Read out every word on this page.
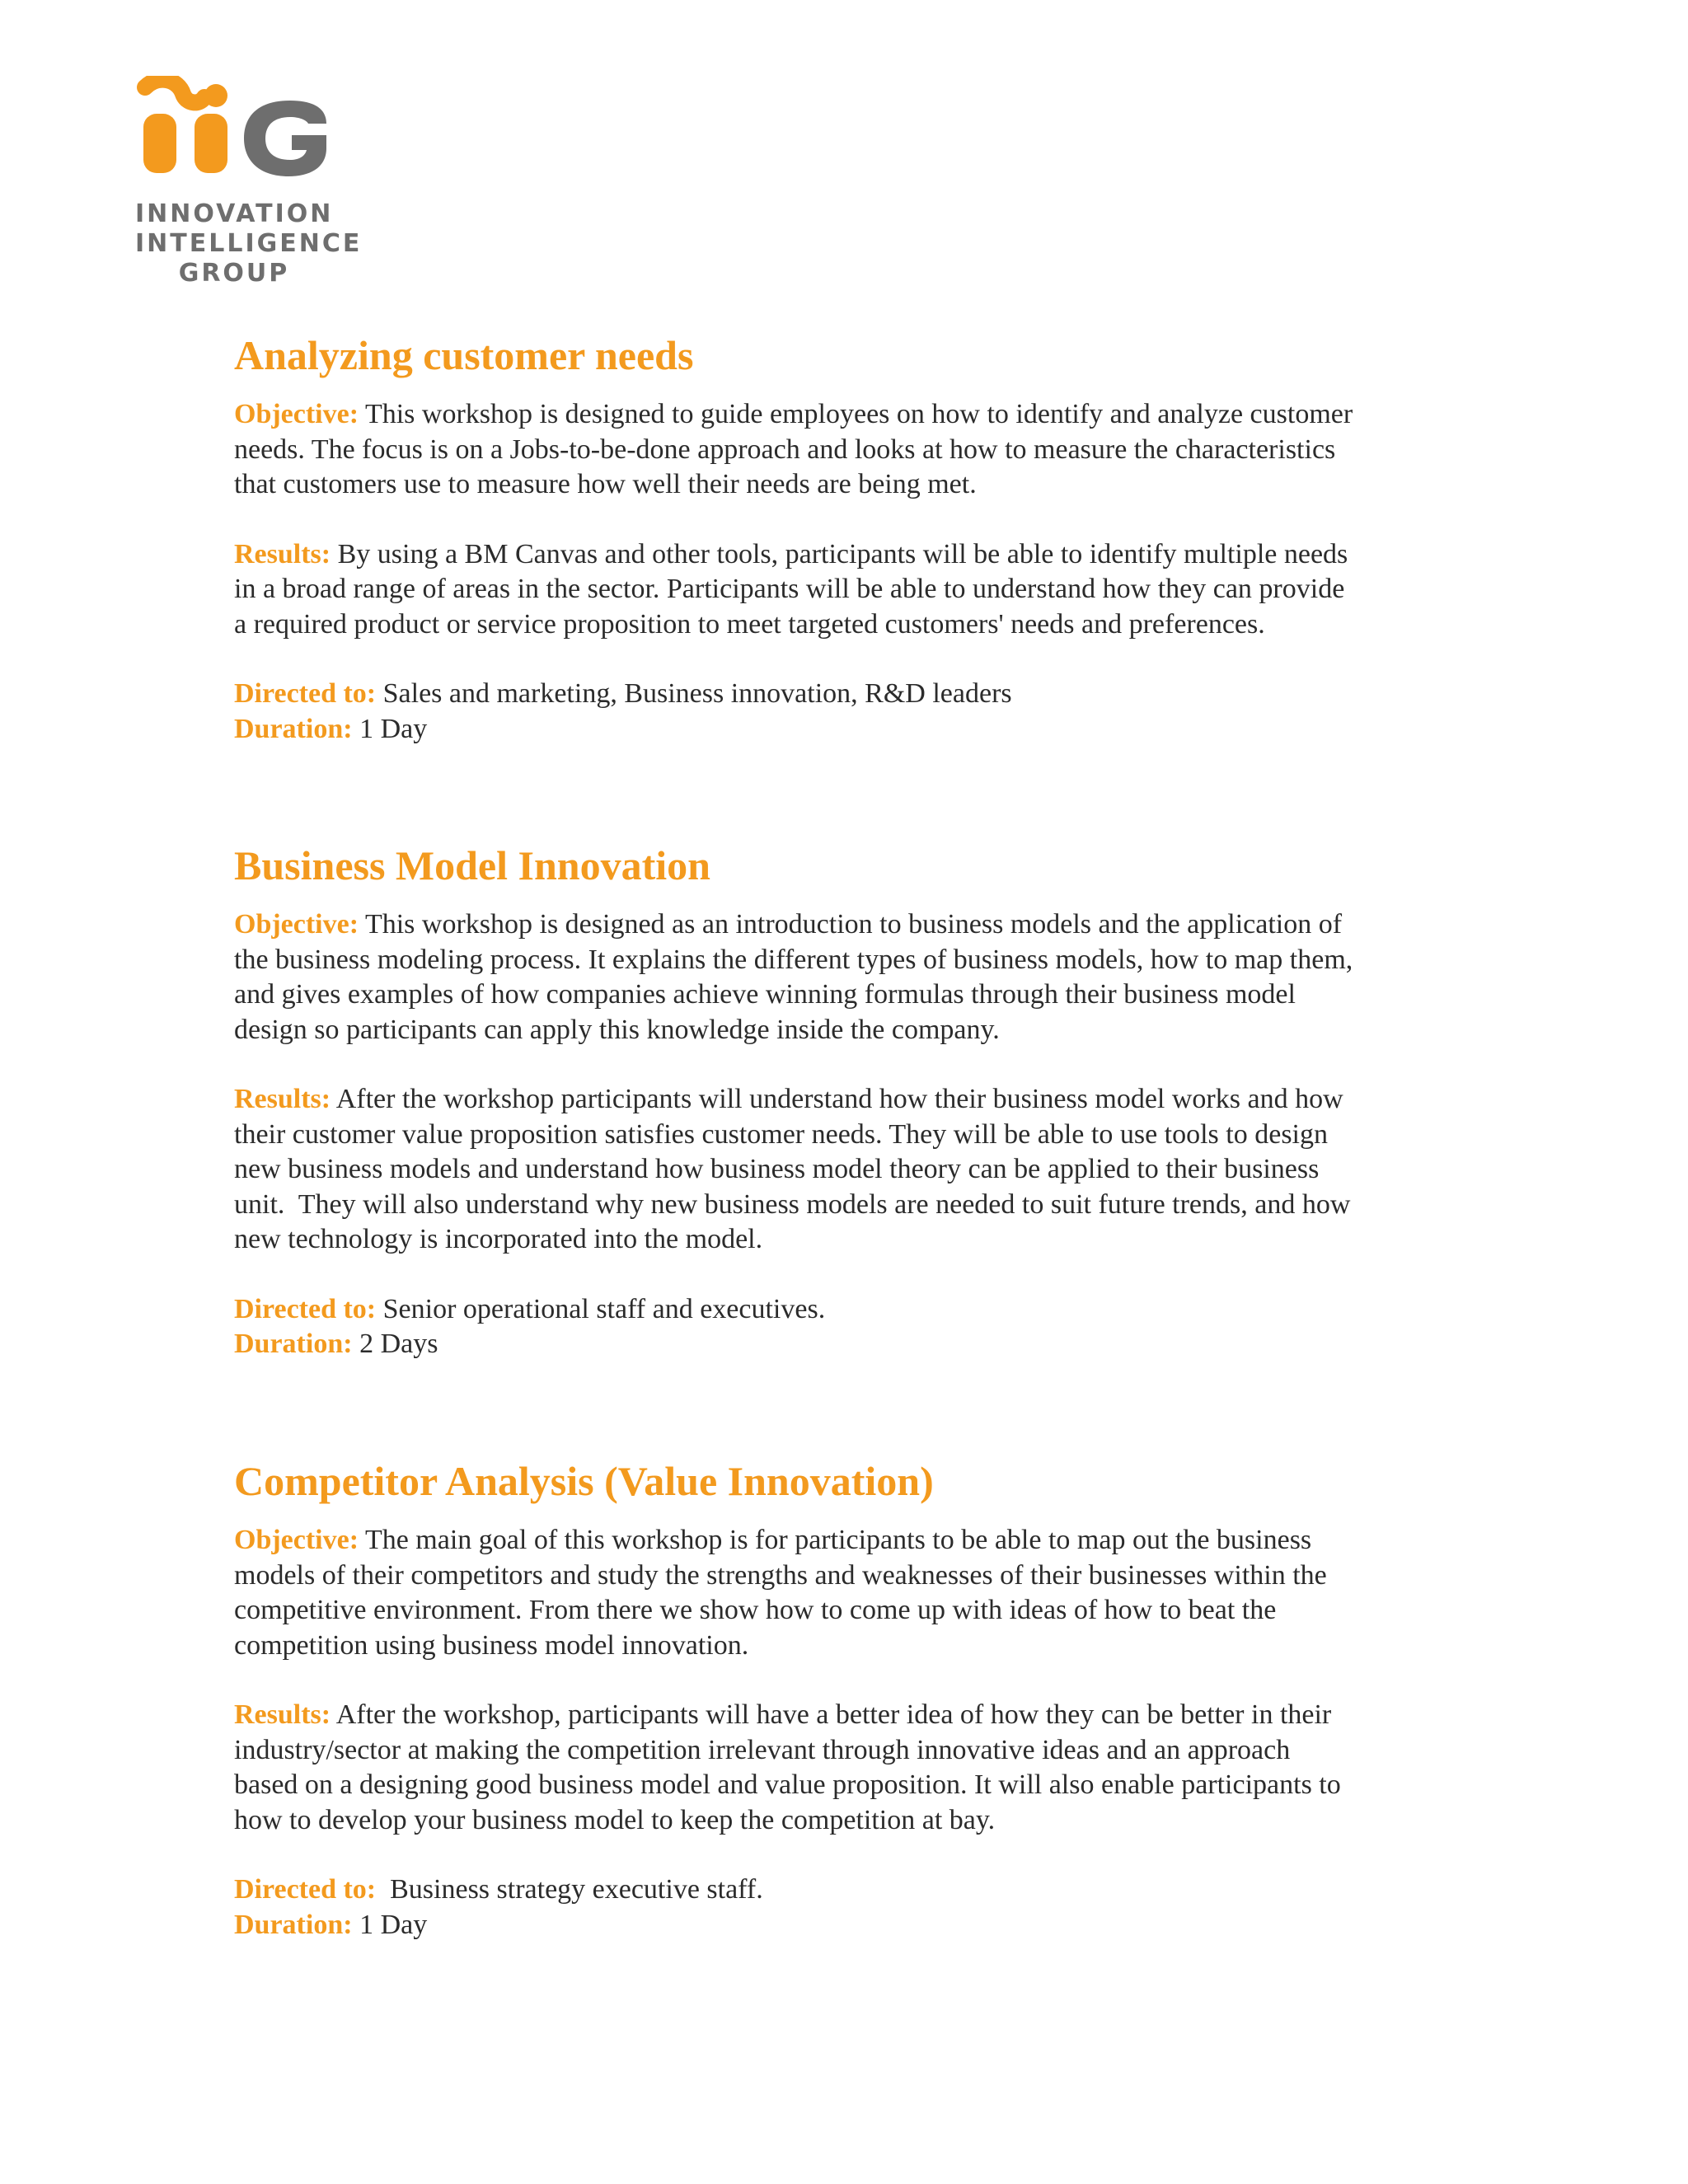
INNOVATION
INTELLIGENCE
GROUP
Analyzing customer needs

Objective: This workshop is designed to guide employees on how to identify and analyze customer
needs. The focus is on a Jobs-to-be-done approach and looks at how to measure the characteristics
that customers use to measure how well their needs are being met.

Results: By using a BM Canvas and other tools, participants will be able to identify multiple needs
in a broad range of areas in the sector. Participants will be able to understand how they can provide
a required product or service proposition to meet targeted customers' needs and preferences.

Directed to: Sales and marketing, Business innovation, R&D leaders
Duration: 1 Day

Business Model Innovation

Objective: This workshop is designed as an introduction to business models and the application of
the business modeling process. It explains the different types of business models, how to map them,
and gives examples of how companies achieve winning formulas through their business model
design so participants can apply this knowledge inside the company.

Results: After the workshop participants will understand how their business model works and how
their customer value proposition satisfies customer needs. They will be able to use tools to design
new business models and understand how business model theory can be applied to their business
unit.  They will also understand why new business models are needed to suit future trends, and how
new technology is incorporated into the model.

Directed to: Senior operational staff and executives.
Duration: 2 Days

Competitor Analysis (Value Innovation)

Objective: The main goal of this workshop is for participants to be able to map out the business
models of their competitors and study the strengths and weaknesses of their businesses within the
competitive environment. From there we show how to come up with ideas of how to beat the
competition using business model innovation.

Results: After the workshop, participants will have a better idea of how they can be better in their
industry/sector at making the competition irrelevant through innovative ideas and an approach
based on a designing good business model and value proposition. It will also enable participants to
how to develop your business model to keep the competition at bay.

Directed to:  Business strategy executive staff.
Duration: 1 Day
